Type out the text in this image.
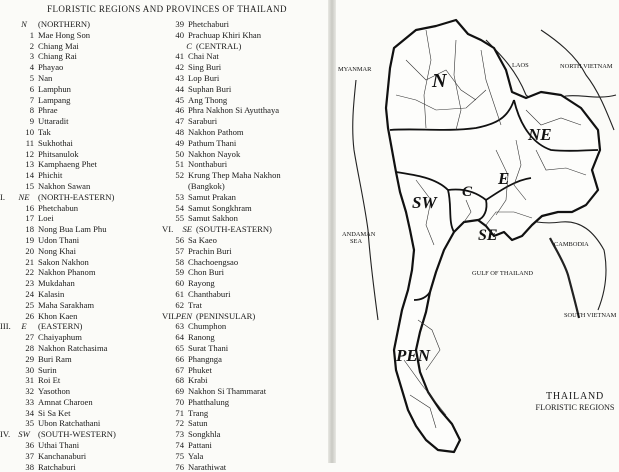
FLORISTIC REGIONS AND PROVINCES OF THAILAND
N	(NORTHERN)
1 Mae Hong Son
2 Chiang Mai
3 Chiang Rai
4 Phayao
5 Nan
6 Lamphun
7 Lampang
8 Phrae
9 Uttaradit
10 Tak
11 Sukhothai
12 Phitsanulok
13 Kamphaeng Phet
14 Phichit
15 Nakhon Sawan
I.	NE (NORTH-EASTERN)
16 Phetchabun
17 Loei
18 Nong Bua Lam Phu
19 Udon Thani
20 Nong Khai
21 Sakon Nakhon
22 Nakhon Phanom
23 Mukdahan
24 Kalasin
25 Maha Sarakham
26 Khon Kaen
III.	E	(EASTERN)
27 Chaiyaphum
28 Nakhon Ratchasima
29 Buri Ram
30 Surin
31 Roi Et
32 Yasothon
33 Amnat Charoen
34 Si Sa Ket
35 Ubon Ratchathani
IV. SW (SOUTH-WESTERN)
36 Uthai Thani
37 Kanchanaburi
38 Ratchaburi
39 Phetchaburi
40 Prachuap Khiri Khan
C (CENTRAL)
41 Chai Nat
42 Sing Buri
43 Lop Buri
44 Suphan Buri
45 Ang Thong
46 Phra Nakhon Si Ayutthaya
47 Saraburi
48 Nakhon Pathom
49 Pathum Thani
50 Nakhon Nayok
51 Nonthaburi
52 Krung Thep Maha Nakhon
(Bangkok)
53 Samut Prakan
54 Samut Songkhram
55 Samut Sakhon
VI.	SE (SOUTH-EASTERN)
56 Sa Kaeo
57 Prachin Buri
58 Chachoengsao
59 Chon Buri
60 Rayong
61 Chanthaburi
62 Trat
VII. PEN (PENINSULAR)
63 Chumphon
64 Ranong
65 Surat Thani
66 Phangnga
67 Phuket
68 Krabi
69 Nakhon Si Thammarat
70 Phatthalung
71 Trang
72 Satun
73 Songkhla
74 Pattani
75 Yala
76 Narathiwat
N
NE
E
SW
C
SE
PEN
MYANMAR
LAOS	NORTH VIETNAM
CAMBODIA
SOUTH VIETNAM
ANDAMAN
SEA
GULF OF THAILAND
THAILAND
FLORISTIC REGIONS
